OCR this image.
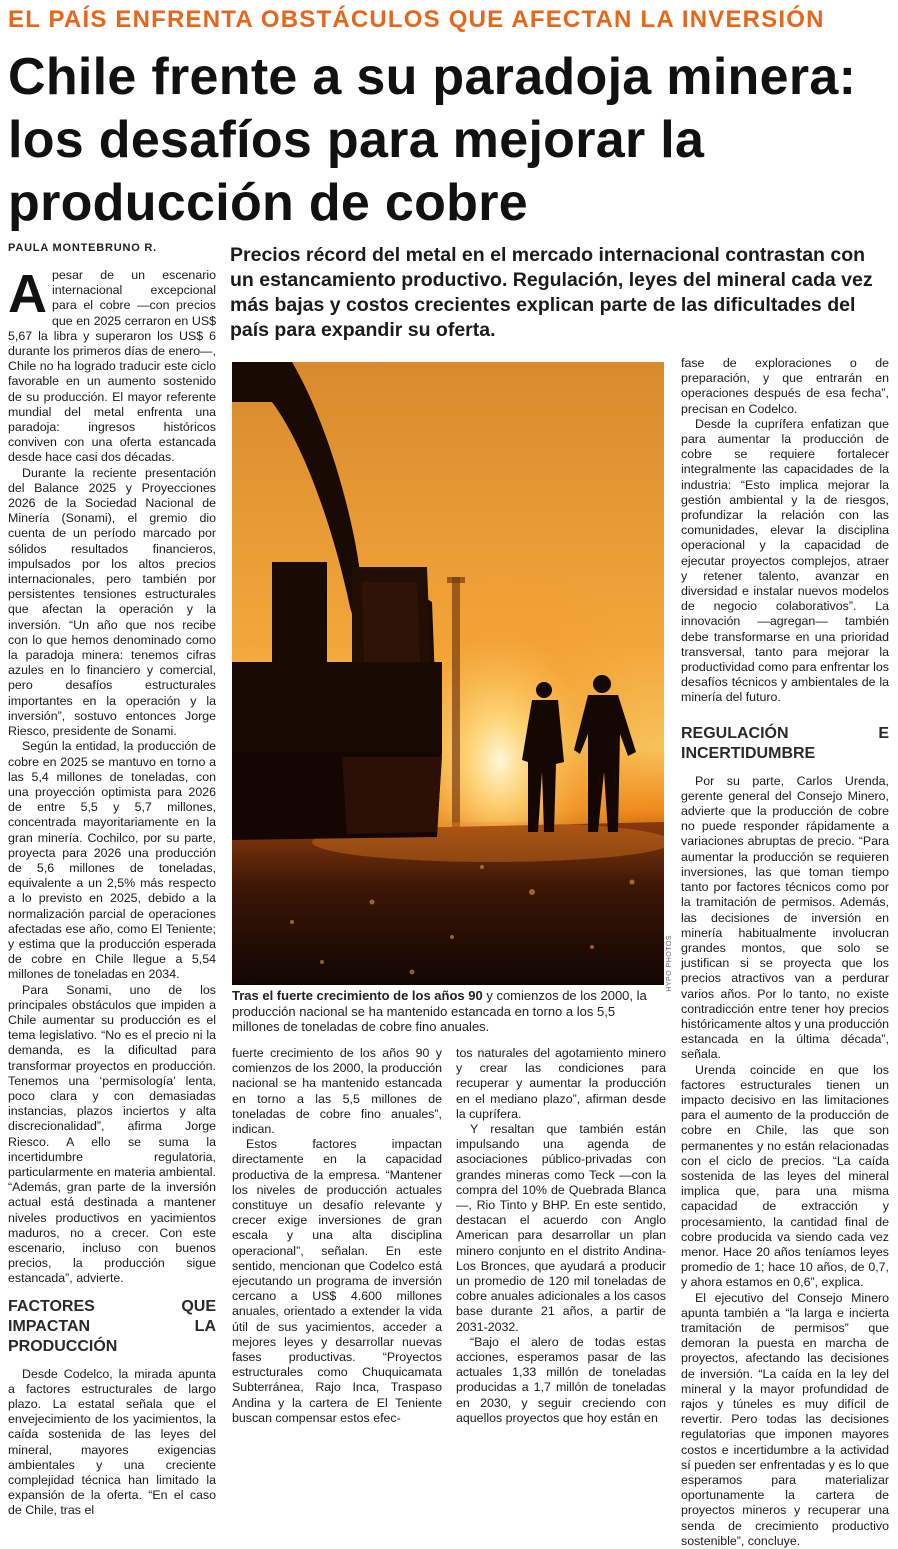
EL PAÍS ENFRENTA OBSTÁCULOS QUE AFECTAN LA INVERSIÓN
Chile frente a su paradoja minera: los desafíos para mejorar la producción de cobre
PAULA MONTEBRUNO R.	Precios récord del metal en el mercado internacional contrastan con un estancamiento productivo. Regulación, leyes del mineral cada vez más bajas y costos crecientes explican parte de las dificultades del país para expandir su oferta.

Apesar de un escenario internacional excepcional para el cobre —con precios que en 2025 cerraron en US$ 5,67 la libra y superaron los US$ 6 durante los primeros días de enero—, Chile no ha logrado traducir este ciclo favorable en un aumento sostenido de su producción. El mayor referente mundial del metal enfrenta una paradoja: ingresos históricos conviven con una oferta estancada desde hace casi dos décadas.

Durante la reciente presentación del Balance 2025 y Proyecciones 2026 de la Sociedad Nacional de Minería (Sonami), el gremio dio cuenta de un período marcado por sólidos resultados financieros, impulsados por los altos precios internacionales, pero también por persistentes tensiones estructurales que afectan la operación y la inversión. “Un año que nos recibe con lo que hemos denominado como la paradoja minera: tenemos cifras azules en lo financiero y comercial, pero desafíos estructurales importantes en la operación y la inversión”, sostuvo entonces Jorge Riesco, presidente de Sonami.

Según la entidad, la producción de cobre en 2025 se mantuvo en torno a las 5,4 millones de toneladas, con una proyección optimista para 2026 de entre 5,5 y 5,7 millones, concentrada mayoritariamente en la gran minería. Cochilco, por su parte, proyecta para 2026 una producción de 5,6 millones de toneladas, equivalente a un 2,5% más respecto a lo previsto en 2025, debido a la normalización parcial de operaciones afectadas ese año, como El Teniente; y estima que la producción esperada de cobre en Chile llegue a 5,54 millones de toneladas en 2034.

Para Sonami, uno de los principales obstáculos que impiden a Chile aumentar su producción es el tema legislativo. “No es el precio ni la demanda, es la dificultad para transformar proyectos en producción. Tenemos una ‘permisología’ lenta, poco clara y con demasiadas instancias, plazos inciertos y alta discrecionalidad”, afirma Jorge Riesco. A ello se suma la incertidumbre regulatoria, particularmente en materia ambiental. “Además, gran parte de la inversión actual está destinada a mantener niveles productivos en yacimientos maduros, no a crecer. Con este escenario, incluso con buenos precios, la producción sigue estancada”, advierte.

FACTORES QUE IMPACTAN LA PRODUCCIÓN

Desde Codelco, la mirada apunta a factores estructurales de largo plazo. La estatal señala que el envejecimiento de los yacimientos, la caída sostenida de las leyes del mineral, mayores exigencias ambientales y una creciente complejidad técnica han limitado la expansión de la oferta. “En el caso de Chile, tras el

HYPO PHOTOS

Tras el fuerte crecimiento de los años 90 y comienzos de los 2000, la producción nacional se ha mantenido estancada en torno a los 5,5 millones de toneladas de cobre fino anuales.

fuerte crecimiento de los años 90 y comienzos de los 2000, la producción nacional se ha mantenido estancada en torno a las 5,5 millones de toneladas de cobre fino anuales”, indican.

Estos factores impactan directamente en la capacidad productiva de la empresa. “Mantener los niveles de producción actuales constituye un desafío relevante y crecer exige inversiones de gran escala y una alta disciplina operacional”, señalan. En este sentido, mencionan que Codelco está ejecutando un programa de inversión cercano a US$ 4.600 millones anuales, orientado a extender la vida útil de sus yacimientos, acceder a mejores leyes y desarrollar nuevas fases productivas. “Proyectos estructurales como Chuquicamata Subterránea, Rajo Inca, Traspaso Andina y la cartera de El Teniente buscan compensar estos efec-

tos naturales del agotamiento minero y crear las condiciones para recuperar y aumentar la producción en el mediano plazo”, afirman desde la cuprífera.

Y resaltan que también están impulsando una agenda de asociaciones público-privadas con grandes mineras como Teck —con la compra del 10% de Quebrada Blanca—, Rio Tinto y BHP. En este sentido, destacan el acuerdo con Anglo American para desarrollar un plan minero conjunto en el distrito Andina-Los Bronces, que ayudará a producir un promedio de 120 mil toneladas de cobre anuales adicionales a los casos base durante 21 años, a partir de 2031-2032.

“Bajo el alero de todas estas acciones, esperamos pasar de las actuales 1,33 millón de toneladas producidas a 1,7 millón de toneladas en 2030, y seguir creciendo con aquellos proyectos que hoy están en

fase de exploraciones o de preparación, y que entrarán en operaciones después de esa fecha”, precisan en Codelco.

Desde la cuprífera enfatizan que para aumentar la producción de cobre se requiere fortalecer integralmente las capacidades de la industria: “Esto implica mejorar la gestión ambiental y la de riesgos, profundizar la relación con las comunidades, elevar la disciplina operacional y la capacidad de ejecutar proyectos complejos, atraer y retener talento, avanzar en diversidad e instalar nuevos modelos de negocio colaborativos”. La innovación —agregan— también debe transformarse en una prioridad transversal, tanto para mejorar la productividad como para enfrentar los desafíos técnicos y ambientales de la minería del futuro.

REGULACIÓN E INCERTIDUMBRE

Por su parte, Carlos Urenda, gerente general del Consejo Minero, advierte que la producción de cobre no puede responder rápidamente a variaciones abruptas de precio. “Para aumentar la producción se requieren inversiones, las que toman tiempo tanto por factores técnicos como por la tramitación de permisos. Además, las decisiones de inversión en minería habitualmente involucran grandes montos, que solo se justifican si se proyecta que los precios atractivos van a perdurar varios años. Por lo tanto, no existe contradicción entre tener hoy precios históricamente altos y una producción estancada en la última década”, señala.

Urenda coincide en que los factores estructurales tienen un impacto decisivo en las limitaciones para el aumento de la producción de cobre en Chile, las que son permanentes y no están relacionadas con el ciclo de precios. “La caída sostenida de las leyes del mineral implica que, para una misma capacidad de extracción y procesamiento, la cantidad final de cobre producida va siendo cada vez menor. Hace 20 años teníamos leyes promedio de 1; hace 10 años, de 0,7, y ahora estamos en 0,6”, explica.

El ejecutivo del Consejo Minero apunta también a “la larga e incierta tramitación de permisos” que demoran la puesta en marcha de proyectos, afectando las decisiones de inversión. “La caída en la ley del mineral y la mayor profundidad de rajos y túneles es muy difícil de revertir. Pero todas las decisiones regulatorias que imponen mayores costos e incertidumbre a la actividad sí pueden ser enfrentadas y es lo que esperamos para materializar oportunamente la cartera de proyectos mineros y recuperar una senda de crecimiento productivo sostenible”, concluye.
